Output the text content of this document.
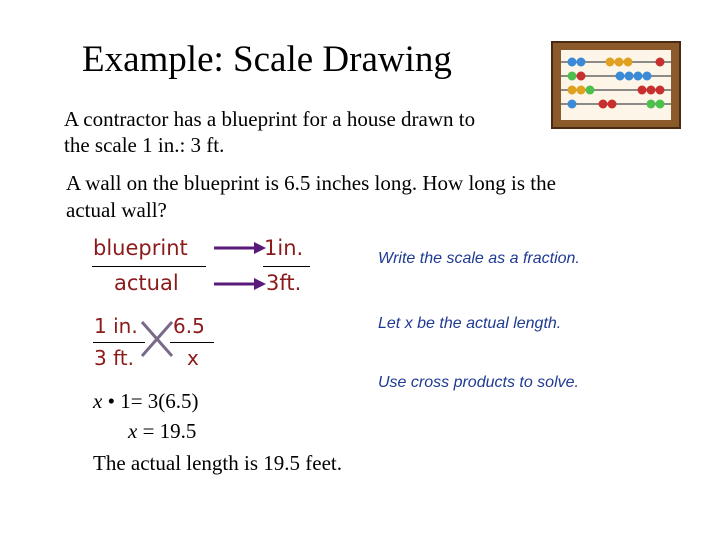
Example: Scale Drawing
A contractor has a blueprint for a house drawn to
the scale 1 in.: 3 ft.
A wall on the blueprint is 6.5 inches long. How long is the
actual wall?
blueprint
actual
1in.
3ft.
1 in.
3 ft.
6.5
x
x • 1= 3(6.5)
x = 19.5
The actual length is 19.5 feet.
Write the scale as a fraction.
Let x be the actual length.
Use cross products to solve.
